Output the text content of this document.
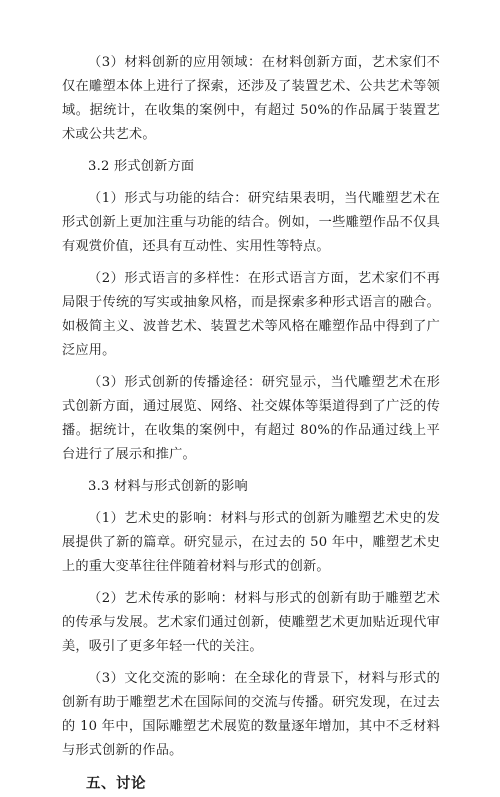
（3）材料创新的应用领域：在材料创新方面，艺术家们不仅在雕塑本体上进行了探索，还涉及了装置艺术、公共艺术等领域。据统计，在收集的案例中，有超过 50%的作品属于装置艺术或公共艺术。

3.2 形式创新方面

（1）形式与功能的结合：研究结果表明，当代雕塑艺术在形式创新上更加注重与功能的结合。例如，一些雕塑作品不仅具有观赏价值，还具有互动性、实用性等特点。

（2）形式语言的多样性：在形式语言方面，艺术家们不再局限于传统的写实或抽象风格，而是探索多种形式语言的融合。如极简主义、波普艺术、装置艺术等风格在雕塑作品中得到了广泛应用。

（3）形式创新的传播途径：研究显示，当代雕塑艺术在形式创新方面，通过展览、网络、社交媒体等渠道得到了广泛的传播。据统计，在收集的案例中，有超过 80%的作品通过线上平台进行了展示和推广。

3.3 材料与形式创新的影响

（1）艺术史的影响：材料与形式的创新为雕塑艺术史的发展提供了新的篇章。研究显示，在过去的 50 年中，雕塑艺术史上的重大变革往往伴随着材料与形式的创新。

（2）艺术传承的影响：材料与形式的创新有助于雕塑艺术的传承与发展。艺术家们通过创新，使雕塑艺术更加贴近现代审美，吸引了更多年轻一代的关注。

（3）文化交流的影响：在全球化的背景下，材料与形式的创新有助于雕塑艺术在国际间的交流与传播。研究发现，在过去的 10 年中，国际雕塑艺术展览的数量逐年增加，其中不乏材料与形式创新的作品。

五、讨论
